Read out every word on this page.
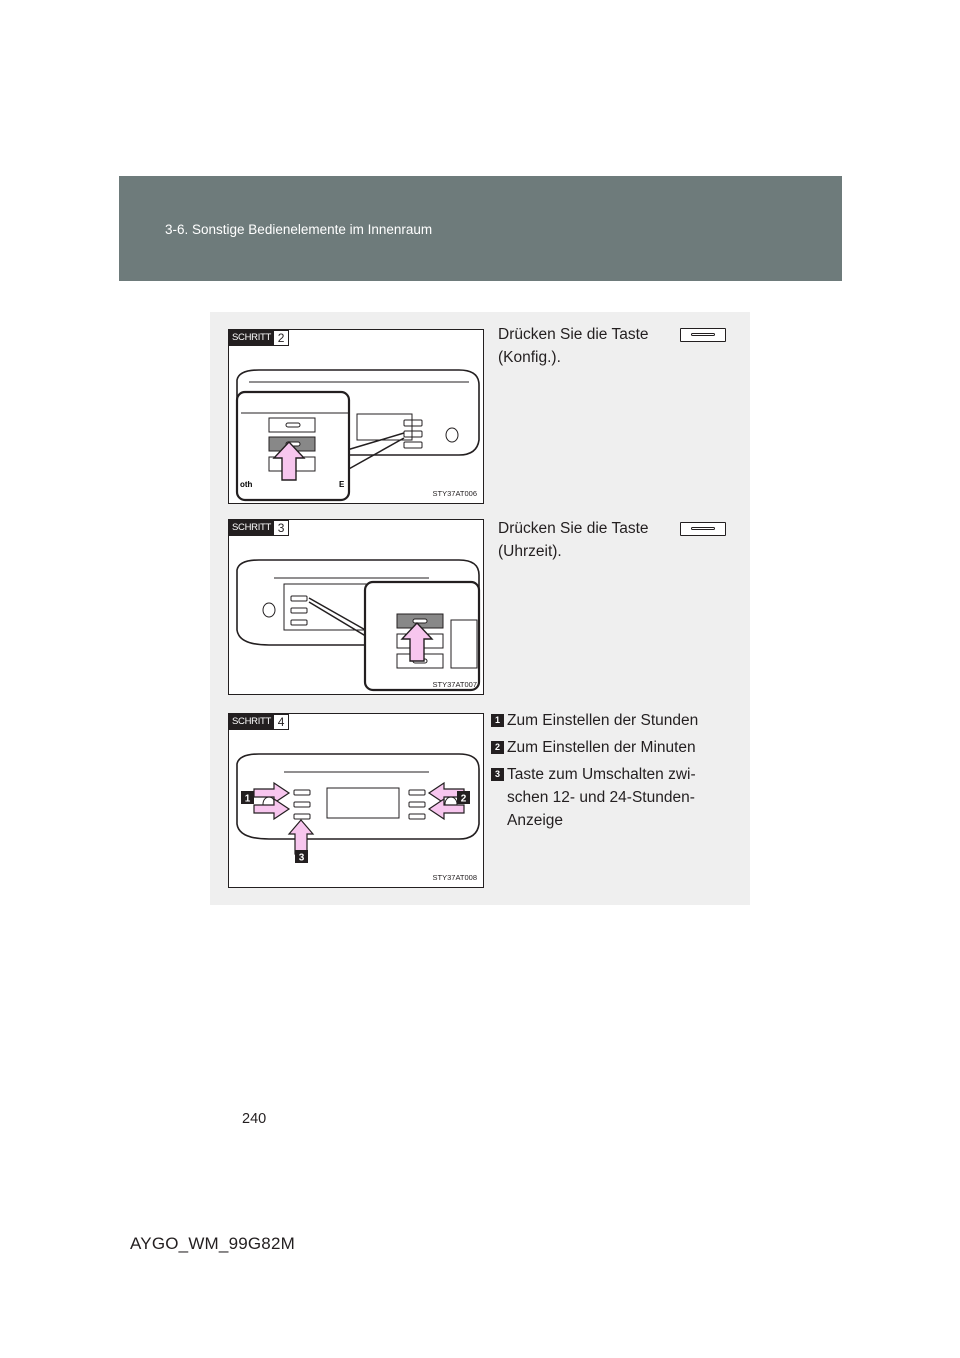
3-6. Sonstige Bedienelemente im Innenraum
oth	E
SCHRITT 2
STY37AT006
Drücken Sie die Taste
(Konfig.).
SCHRITT 3
STY37AT007
Drücken Sie die Taste
(Uhrzeit).
1	2
3
SCHRITT 4
STY37AT008
1 Zum Einstellen der Stunden
2 Zum Einstellen der Minuten
3 Taste zum Umschalten zwi-
schen 12- und 24-Stunden-
Anzeige
240
AYGO_WM_99G82M
